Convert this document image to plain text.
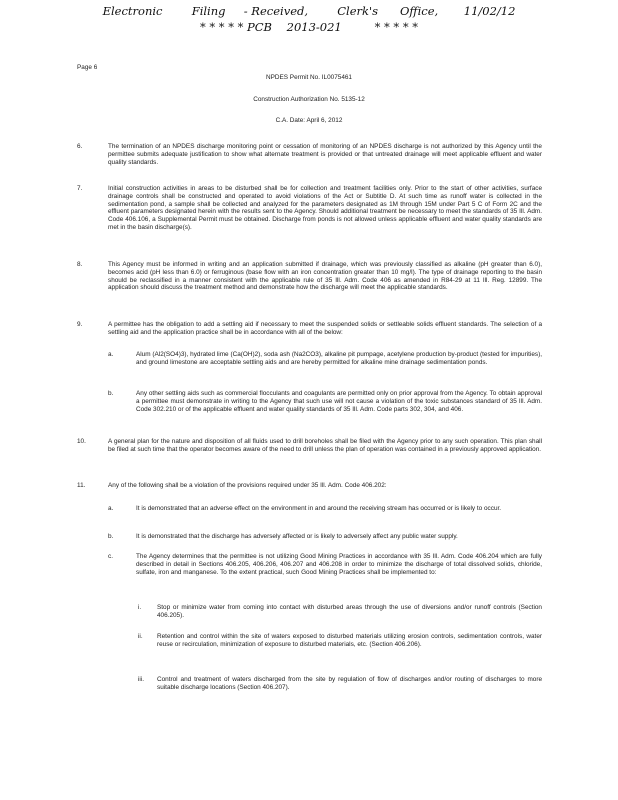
Electronic        Filing     - Received,        Clerk's      Office,       11/02/12
* * * * * PCB    2013-021         * * * * *
Page 6
NPDES Permit No. IL0075461
Construction Authorization No. 5135-12
C.A. Date: April 6, 2012
6.	The termination of an NPDES discharge monitoring point or cessation of monitoring of an NPDES discharge is not authorized by this Agency until the permittee submits adequate justification to show what alternate treatment is provided or that untreated drainage will meet applicable effluent and water quality standards.
7.	Initial construction activities in areas to be disturbed shall be for collection and treatment facilities only. Prior to the start of other activities, surface drainage controls shall be constructed and operated to avoid violations of the Act or Subtitle D. At such time as runoff water is collected in the sedimentation pond, a sample shall be collected and analyzed for the parameters designated as 1M through 15M under Part 5 C of Form 2C and the effluent parameters designated herein with the results sent to the Agency. Should additional treatment be necessary to meet the standards of 35 Ill. Adm. Code 406.106, a Supplemental Permit must be obtained. Discharge from ponds is not allowed unless applicable effluent and water quality standards are met in the basin discharge(s).
8.	This Agency must be informed in writing and an application submitted if drainage, which was previously classified as alkaline (pH greater than 6.0), becomes acid (pH less than 6.0) or ferruginous (base flow with an iron concentration greater than 10 mg/l). The type of drainage reporting to the basin should be reclassified in a manner consistent with the applicable rule of 35 Ill. Adm. Code 406 as amended in R84-29 at 11 Ill. Reg. 12899. The application should discuss the treatment method and demonstrate how the discharge will meet the applicable standards.
9.	A permittee has the obligation to add a settling aid if necessary to meet the suspended solids or settleable solids effluent standards. The selection of a settling aid and the application practice shall be in accordance with all of the below:
a.	Alum (Al2(SO4)3), hydrated lime (Ca(OH)2), soda ash (Na2CO3), alkaline pit pumpage, acetylene production by-product (tested for impurities), and ground limestone are acceptable settling aids and are hereby permitted for alkaline mine drainage sedimentation ponds.
b.	Any other settling aids such as commercial flocculants and coagulants are permitted only on prior approval from the Agency. To obtain approval a permittee must demonstrate in writing to the Agency that such use will not cause a violation of the toxic substances standard of 35 Ill. Adm. Code 302.210 or of the applicable effluent and water quality standards of 35 Ill. Adm. Code parts 302, 304, and 406.
10.	A general plan for the nature and disposition of all fluids used to drill boreholes shall be filed with the Agency prior to any such operation. This plan shall be filed at such time that the operator becomes aware of the need to drill unless the plan of operation was contained in a previously approved application.
11.	Any of the following shall be a violation of the provisions required under 35 Ill. Adm. Code 406.202:
a.	It is demonstrated that an adverse effect on the environment in and around the receiving stream has occurred or is likely to occur.
b.	It is demonstrated that the discharge has adversely affected or is likely to adversely affect any public water supply.
c.	The Agency determines that the permittee is not utilizing Good Mining Practices in accordance with 35 Ill. Adm. Code 406.204 which are fully described in detail in Sections 406.205, 406.206, 406.207 and 406.208 in order to minimize the discharge of total dissolved solids, chloride, sulfate, iron and manganese. To the extent practical, such Good Mining Practices shall be implemented to:
i. Stop or minimize water from coming into contact with disturbed areas through the use of diversions and/or runoff controls (Section 406.205).
ii. Retention and control within the site of waters exposed to disturbed materials utilizing erosion controls, sedimentation controls, water reuse or recirculation, minimization of exposure to disturbed materials, etc. (Section 406.206).
iii. Control and treatment of waters discharged from the site by regulation of flow of discharges and/or routing of discharges to more suitable discharge locations (Section 406.207).
